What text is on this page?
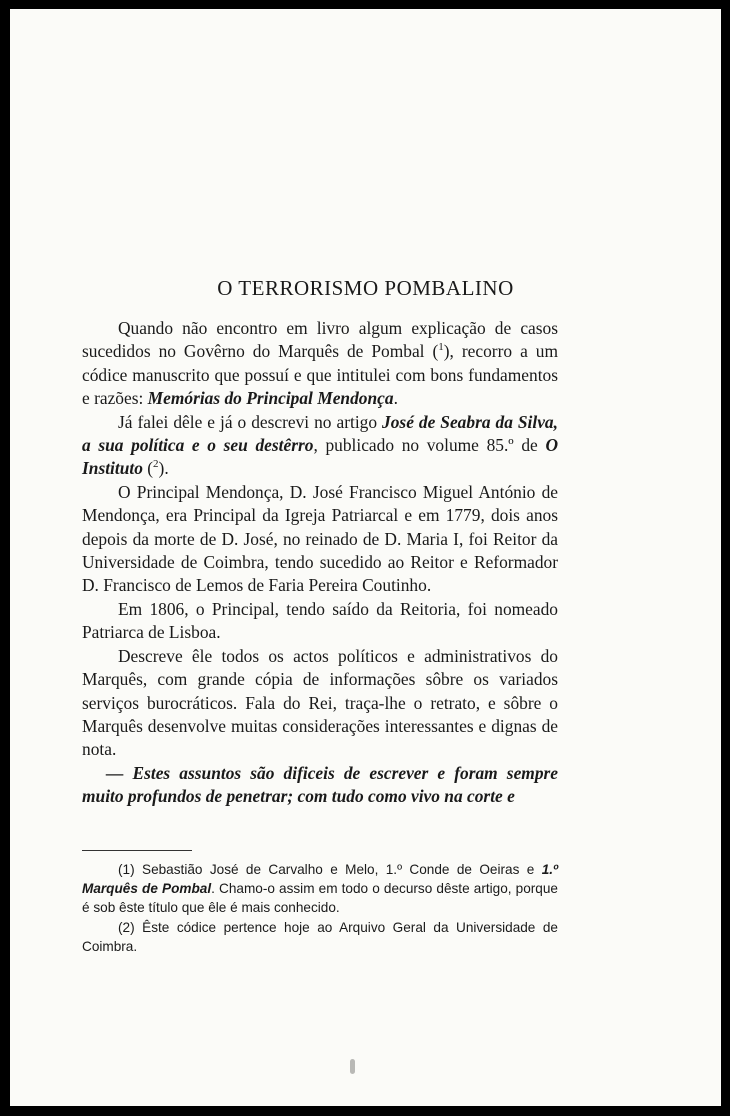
O TERRORISMO POMBALINO

Quando não encontro em livro algum explicação de casos sucedidos no Govêrno do Marquês de Pombal ($^1$), recorro a um códice manuscrito que possuí e que intitulei com bons fundamentos e razões: Memórias do Principal Mendonça.

Já falei dêle e já o descrevi no artigo José de Seabra da Silva, a sua política e o seu destêrro, publicado no volume 85.º de O Instituto ($^2$).

O Principal Mendonça, D. José Francisco Miguel António de Mendonça, era Principal da Igreja Patriarcal e em 1779, dois anos depois da morte de D. José, no reinado de D. Maria I, foi Reitor da Universidade de Coimbra, tendo sucedido ao Reitor e Reformador D. Francisco de Lemos de Faria Pereira Coutinho.

Em 1806, o Principal, tendo saído da Reitoria, foi nomeado Patriarca de Lisboa.

Descreve êle todos os actos políticos e administrativos do Marquês, com grande cópia de informações sôbre os variados serviços burocráticos. Fala do Rei, traça-lhe o retrato, e sôbre o Marquês desenvolve muitas considerações interessantes e dignas de nota.

— Estes assuntos são dificeis de escrever e foram sempre muito profundos de penetrar; com tudo como vivo na corte e

(1) Sebastião José de Carvalho e Melo, 1.º Conde de Oeiras e 1.º Marquês de Pombal. Chamo-o assim em todo o decurso dêste artigo, porque é sob êste título que êle é mais conhecido.

(2) Êste códice pertence hoje ao Arquivo Geral da Universidade de Coimbra.
